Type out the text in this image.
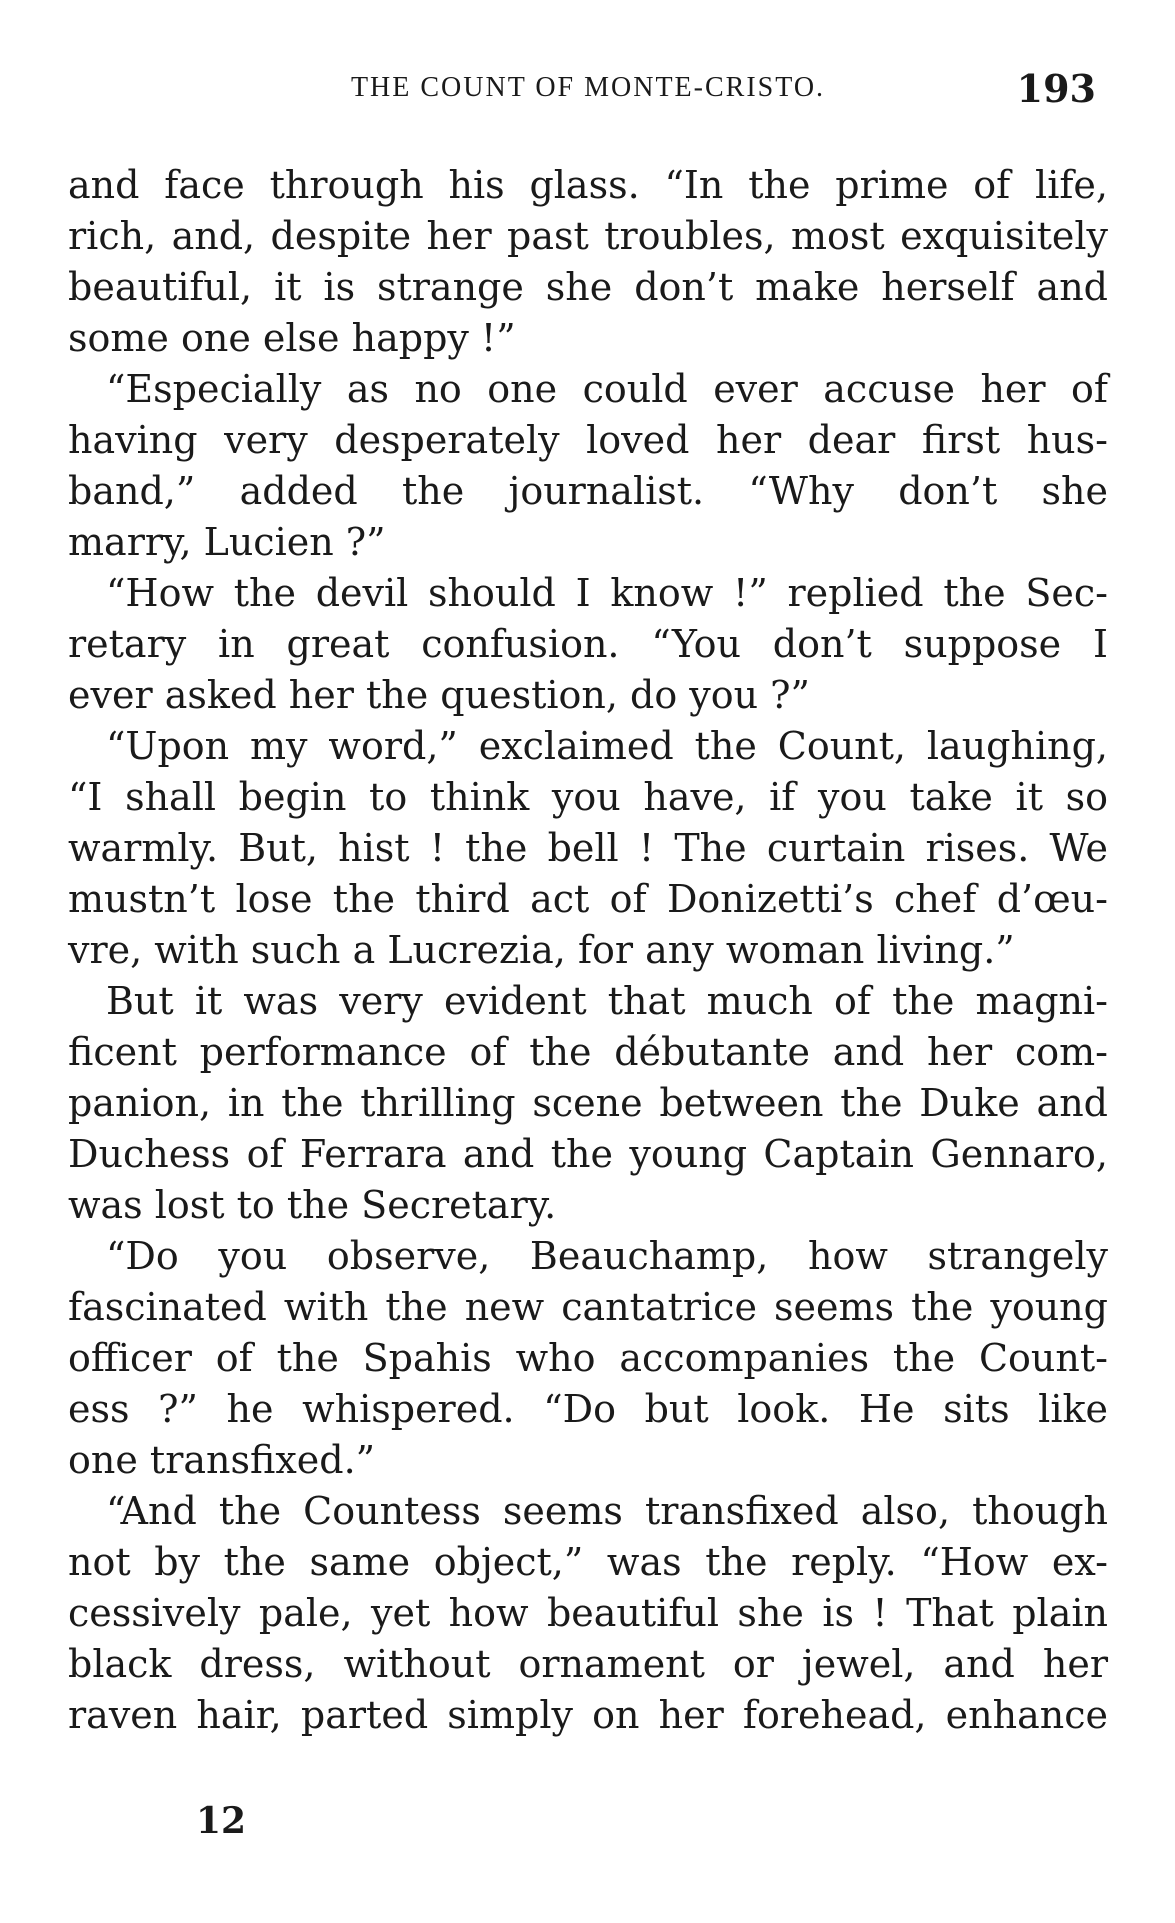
THE COUNT OF MONTE-CRISTO.	193
and face through his glass. “In the prime of life,
rich, and, despite her past troubles, most exquisitely
beautiful, it is strange she don’t make herself and
some one else happy !”
“Especially as no one could ever accuse her of
having very desperately loved her dear first hus-
band,” added the journalist. “Why don’t she
marry, Lucien ?”
“How the devil should I know !” replied the Sec-
retary in great confusion. “You don’t suppose I
ever asked her the question, do you ?”
“Upon my word,” exclaimed the Count, laughing,
“I shall begin to think you have, if you take it so
warmly. But, hist ! the bell ! The curtain rises. We
mustn’t lose the third act of Donizetti’s chef d’œu-
vre, with such a Lucrezia, for any woman living.”
But it was very evident that much of the magni-
ficent performance of the débutante and her com-
panion, in the thrilling scene between the Duke and
Duchess of Ferrara and the young Captain Gennaro,
was lost to the Secretary.
“Do you observe, Beauchamp, how strangely
fascinated with the new cantatrice seems the young
officer of the Spahis who accompanies the Count-
ess ?” he whispered. “Do but look. He sits like
one transfixed.”
“And the Countess seems transfixed also, though
not by the same object,” was the reply. “How ex-
cessively pale, yet how beautiful she is ! That plain
black dress, without ornament or jewel, and her
raven hair, parted simply on her forehead, enhance
12
